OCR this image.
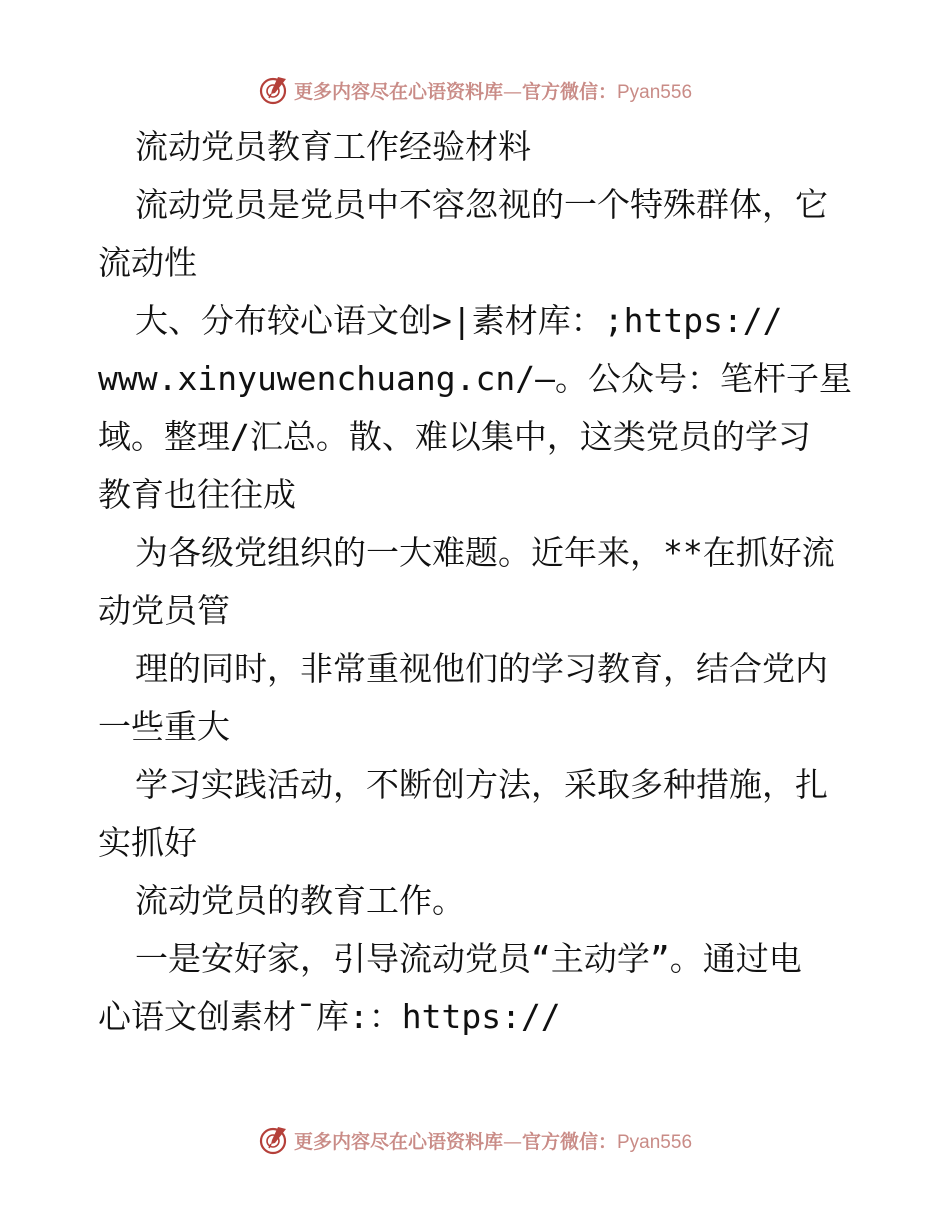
更多内容尽在心语资料库—官方微信：Pyan556
流动党员教育工作经验材料
流动党员是党员中不容忽视的一个特殊群体，它
流动性
大、分布较心语文创>|素材库：;https://
www.xinyuwenchuang.cn/—。公众号：笔杆子星
域。整理/汇总。散、难以集中，这类党员的学习
教育也往往成
为各级党组织的一大难题。近年来，**在抓好流
动党员管
理的同时，非常重视他们的学习教育，结合党内
一些重大
学习实践活动，不断创方法，采取多种措施，扎
实抓好
流动党员的教育工作。
一是安好家，引导流动党员“主动学”。通过电
心语文创素材¯库:：https://
更多内容尽在心语资料库—官方微信：Pyan556
